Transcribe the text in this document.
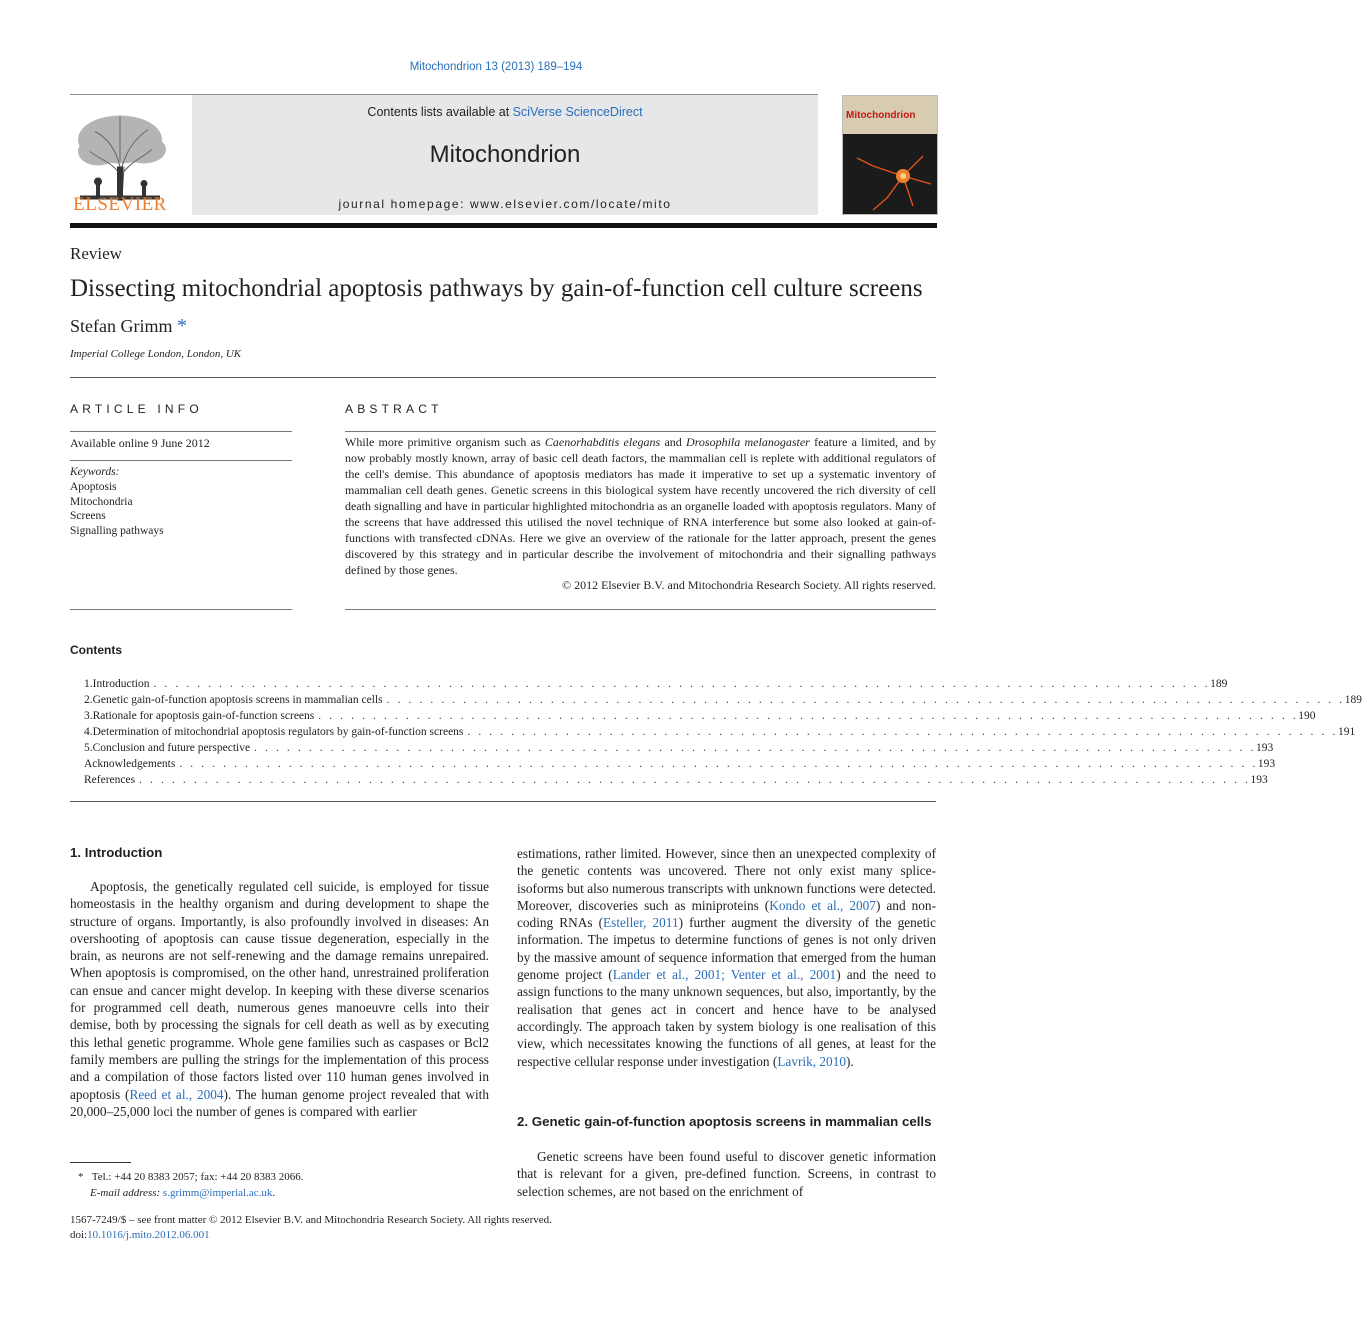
Mitochondrion 13 (2013) 189–194
Contents lists available at SciVerse ScienceDirect
Mitochondrion
journal homepage: www.elsevier.com/locate/mito
ELSEVIER
Mitochondrion
Review
Dissecting mitochondrial apoptosis pathways by gain-of-function cell culture screens
Stefan Grimm *
Imperial College London, London, UK
ARTICLE INFO
Available online 9 June 2012
Keywords:
Apoptosis
Mitochondria
Screens
Signalling pathways
ABSTRACT
While more primitive organism such as Caenorhabditis elegans and Drosophila melanogaster feature a limited, and by now probably mostly known, array of basic cell death factors, the mammalian cell is replete with additional regulators of the cell's demise. This abundance of apoptosis mediators has made it imperative to set up a systematic inventory of mammalian cell death genes. Genetic screens in this biological system have recently uncovered the rich diversity of cell death signalling and have in particular highlighted mitochondria as an organelle loaded with apoptosis regulators. Many of the screens that have addressed this utilised the novel technique of RNA interference but some also looked at gain-of-functions with transfected cDNAs. Here we give an overview of the rationale for the latter approach, present the genes discovered by this strategy and in particular describe the involvement of mitochondria and their signalling pathways defined by those genes.
© 2012 Elsevier B.V. and Mitochondria Research Society. All rights reserved.
Contents
1. Introduction . . . . . . . . . . . . . . . . . . . . . . . . . . . . . . . . . . . . . . . . . . . . . . . . . . . . . . . . . . . . . . . . . . . . . . . . . . . . . . . . . . . . . . . . . . . . . . . . . 189
2. Genetic gain-of-function apoptosis screens in mammalian cells . . . . . . . . . . . . . . . . . . . . . . . . . . . . . . . . . . . . . . . . . . . . . . . . . . . . . . . . . . . . . . . . . . . . . . . . . . . . . . . . . . . . . . . . 189
3. Rationale for apoptosis gain-of-function screens . . . . . . . . . . . . . . . . . . . . . . . . . . . . . . . . . . . . . . . . . . . . . . . . . . . . . . . . . . . . . . . . . . . . . . . . . . . . . . . . . . . . . . . . . . 190
4. Determination of mitochondrial apoptosis regulators by gain-of-function screens . . . . . . . . . . . . . . . . . . . . . . . . . . . . . . . . . . . . . . . . . . . . . . . . . . . . . . . . . . . . . . . . . . . . . . . . . . . . . . . . 191
5. Conclusion and future perspective . . . . . . . . . . . . . . . . . . . . . . . . . . . . . . . . . . . . . . . . . . . . . . . . . . . . . . . . . . . . . . . . . . . . . . . . . . . . . . . . . . . . . . . . . . . . 193
Acknowledgements . . . . . . . . . . . . . . . . . . . . . . . . . . . . . . . . . . . . . . . . . . . . . . . . . . . . . . . . . . . . . . . . . . . . . . . . . . . . . . . . . . . . . . . . . . . . . . . . . . . 193
References . . . . . . . . . . . . . . . . . . . . . . . . . . . . . . . . . . . . . . . . . . . . . . . . . . . . . . . . . . . . . . . . . . . . . . . . . . . . . . . . . . . . . . . . . . . . . . . . . . . . . . 193
1. Introduction
Apoptosis, the genetically regulated cell suicide, is employed for tissue homeostasis in the healthy organism and during development to shape the structure of organs. Importantly, is also profoundly involved in diseases: An overshooting of apoptosis can cause tissue degeneration, especially in the brain, as neurons are not self-renewing and the damage remains unrepaired. When apoptosis is compromised, on the other hand, unrestrained proliferation can ensue and cancer might develop. In keeping with these diverse scenarios for programmed cell death, numerous genes manoeuvre cells into their demise, both by processing the signals for cell death as well as by executing this lethal genetic programme. Whole gene families such as caspases or Bcl2 family members are pulling the strings for the implementation of this process and a compilation of those factors listed over 110 human genes involved in apoptosis (Reed et al., 2004). The human genome project revealed that with 20,000–25,000 loci the number of genes is compared with earlier
estimations, rather limited. However, since then an unexpected complexity of the genetic contents was uncovered. There not only exist many splice-isoforms but also numerous transcripts with unknown functions were detected. Moreover, discoveries such as miniproteins (Kondo et al., 2007) and non-coding RNAs (Esteller, 2011) further augment the diversity of the genetic information. The impetus to determine functions of genes is not only driven by the massive amount of sequence information that emerged from the human genome project (Lander et al., 2001; Venter et al., 2001) and the need to assign functions to the many unknown sequences, but also, importantly, by the realisation that genes act in concert and hence have to be analysed accordingly. The approach taken by system biology is one realisation of this view, which necessitates knowing the functions of all genes, at least for the respective cellular response under investigation (Lavrik, 2010).
2. Genetic gain-of-function apoptosis screens in mammalian cells
Genetic screens have been found useful to discover genetic information that is relevant for a given, pre-defined function. Screens, in contrast to selection schemes, are not based on the enrichment of
* Tel.: +44 20 8383 2057; fax: +44 20 8383 2066.
E-mail address: s.grimm@imperial.ac.uk.
1567-7249/$ – see front matter © 2012 Elsevier B.V. and Mitochondria Research Society. All rights reserved.
doi:10.1016/j.mito.2012.06.001
